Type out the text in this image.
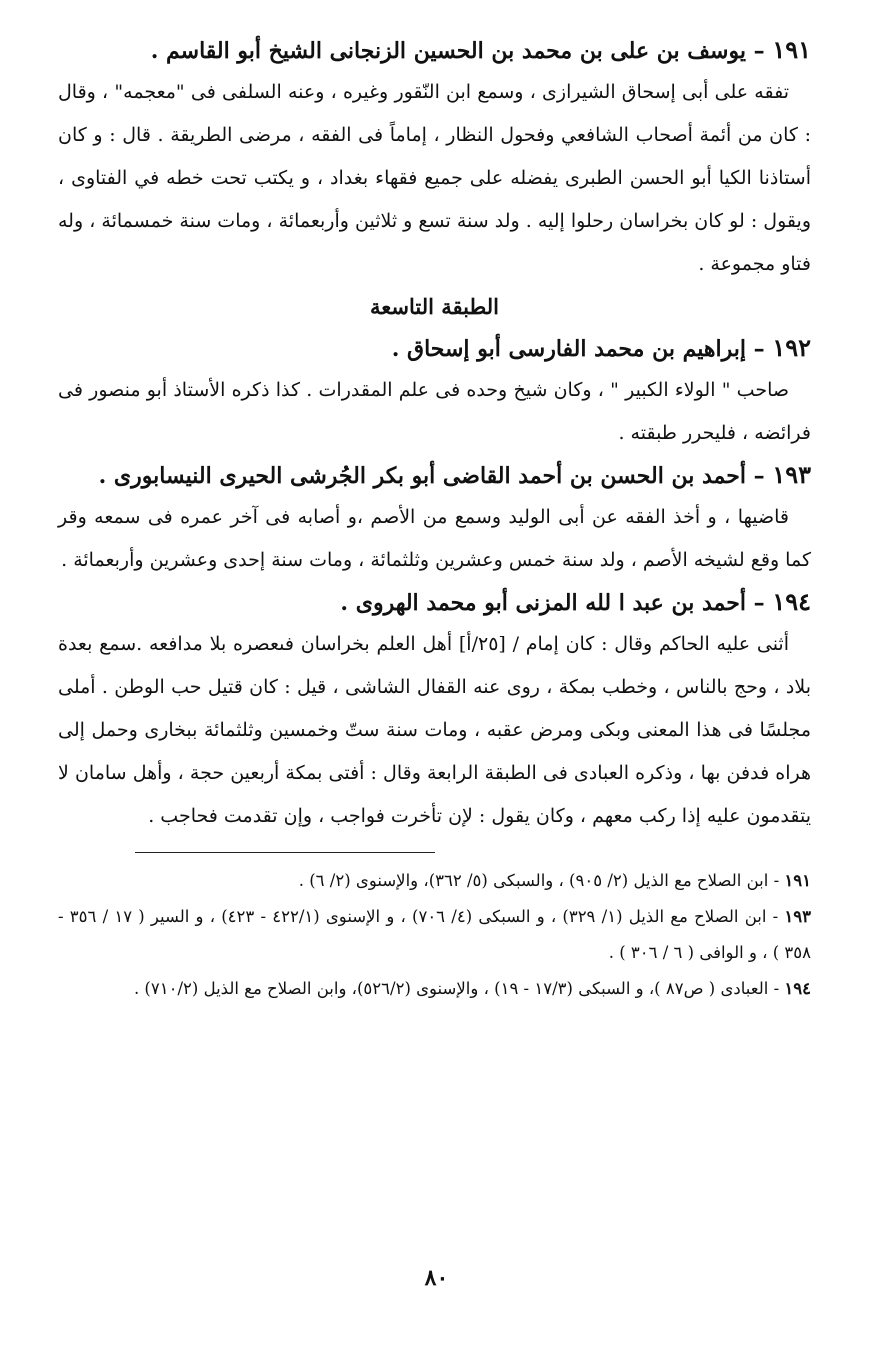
١٩١ – يوسف بن على بن محمد بن الحسين الزنجانى الشيخ أبو القاسم .

تفقه على أبى إسحاق الشيرازى ، وسمع ابن النّقور وغيره ، وعنه السلفى فى "معجمه" ، وقال : كان من أئمة أصحاب الشافعي وفحول النظار ، إماماً فى الفقه ، مرضى الطريقة . قال : و كان أستاذنا الكيا أبو الحسن الطبرى يفضله على جميع فقهاء بغداد ، و يكتب تحت خطه في الفتاوى ، ويقول : لو كان بخراسان رحلوا إليه . ولد سنة تسع و ثلاثين وأربعمائة ، ومات سنة خمسمائة ، وله فتاو مجموعة .

الطبقة التاسعة

١٩٢ – إبراهيم بن محمد الفارسى أبو إسحاق .

صاحب " الولاء الكبير " ، وكان شيخ وحده فى علم المقدرات . كذا ذكره الأستاذ أبو منصور فى فرائضه ، فليحرر طبقته .

١٩٣ – أحمد بن الحسن بن أحمد القاضى أبو بكر الجُرشى الحيرى النيسابورى .

قاضيها ، و أخذ الفقه عن أبى الوليد وسمع من الأصم ،و أصابه فى آخر عمره فى سمعه وقر كما وقع لشيخه الأصم ، ولد سنة خمس وعشرين وثلثمائة ، ومات سنة إحدى وعشرين وأربعمائة .

١٩٤ – أحمد بن عبد ا لله المزنى أبو محمد الهروى .

أثنى عليه الحاكم وقال : كان إمام / [٢٥/أ] أهل العلم بخراسان فىعصره بلا مدافعه .سمع بعدة بلاد ، وحج بالناس ، وخطب بمكة ، روى عنه القفال الشاشى ، قيل : كان قتيل حب الوطن . أملى مجلسًا فى هذا المعنى وبكى ومرض عقبه ، ومات سنة ستّ وخمسين وثلثمائة ببخارى وحمل إلى هراه فدفن بها ، وذكره العبادى فى الطبقة الرابعة وقال : أفتى بمكة أربعين حجة ، وأهل سامان لا يتقدمون عليه إذا ركب معهم ، وكان يقول : لإن تأخرت فواجب ، وإن تقدمت فحاجب .

١٩١ - ابن الصلاح مع الذيل (٢/ ٩٠٥) ، والسبكى (٥/ ٣٦٢)، والإسنوى (٢/ ٦) .

١٩٣ - ابن الصلاح مع الذيل (١/ ٣٢٩) ، و السبكى (٤/ ٧٠٦) ، و الإسنوى (٤٢٢/١ - ٤٢٣) ، و السير ( ١٧ / ٣٥٦ - ٣٥٨ ) ، و الوافى ( ٦ / ٣٠٦ ) .

١٩٤ - العبادى ( ص٨٧ )، و السبكى (١٧/٣ - ١٩) ، والإسنوى (٥٢٦/٢)، وابن الصلاح مع الذيل (٧١٠/٢) .

٨٠
